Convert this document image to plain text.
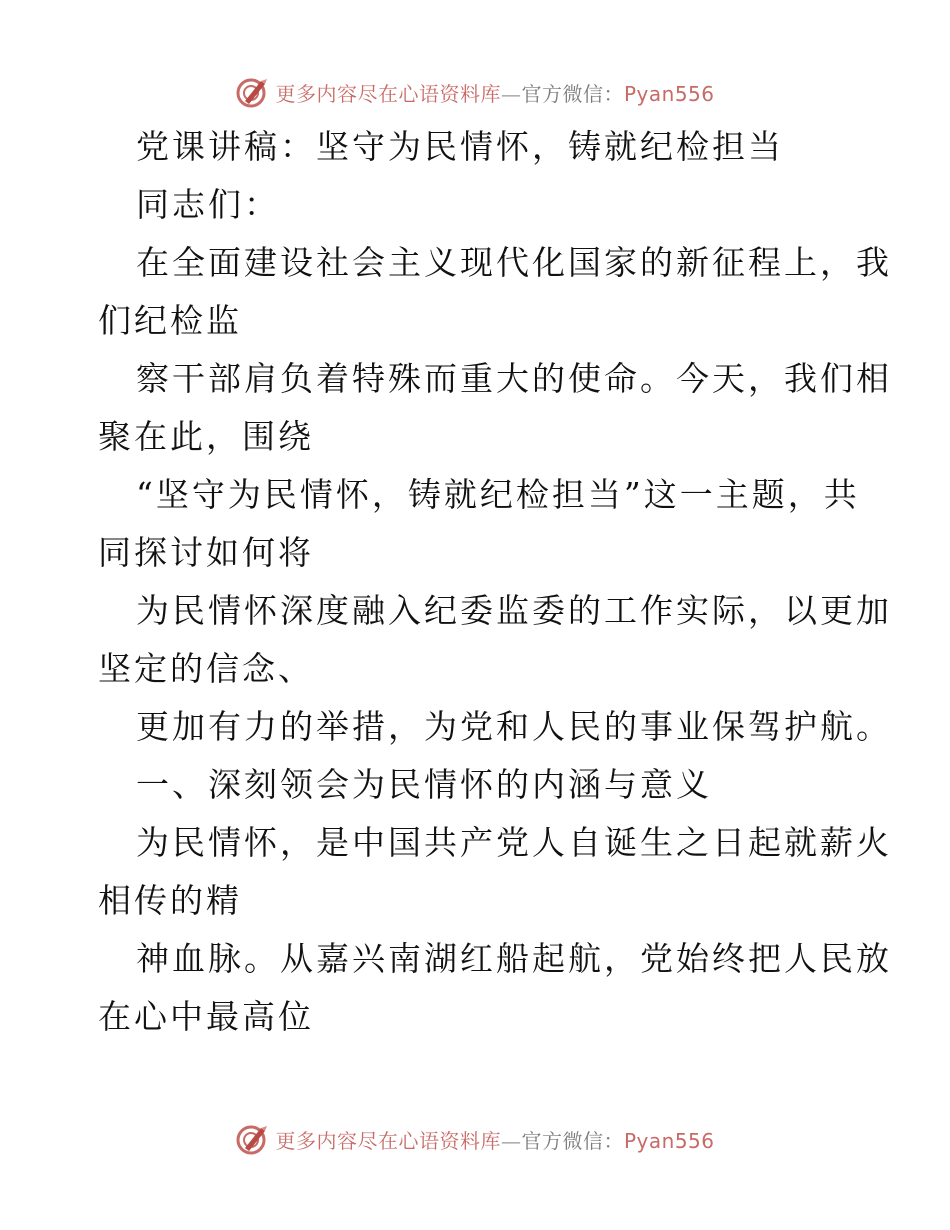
更多内容尽在心语资料库—官方微信：Pyan556
党课讲稿：坚守为民情怀，铸就纪检担当
同志们：
在全面建设社会主义现代化国家的新征程上，我
们纪检监
察干部肩负着特殊而重大的使命。今天，我们相
聚在此，围绕
“坚守为民情怀，铸就纪检担当”这一主题，共
同探讨如何将
为民情怀深度融入纪委监委的工作实际，以更加
坚定的信念、
更加有力的举措，为党和人民的事业保驾护航。
一、深刻领会为民情怀的内涵与意义
为民情怀，是中国共产党人自诞生之日起就薪火
相传的精
神血脉。从嘉兴南湖红船起航，党始终把人民放
在心中最高位
更多内容尽在心语资料库—官方微信：Pyan556
